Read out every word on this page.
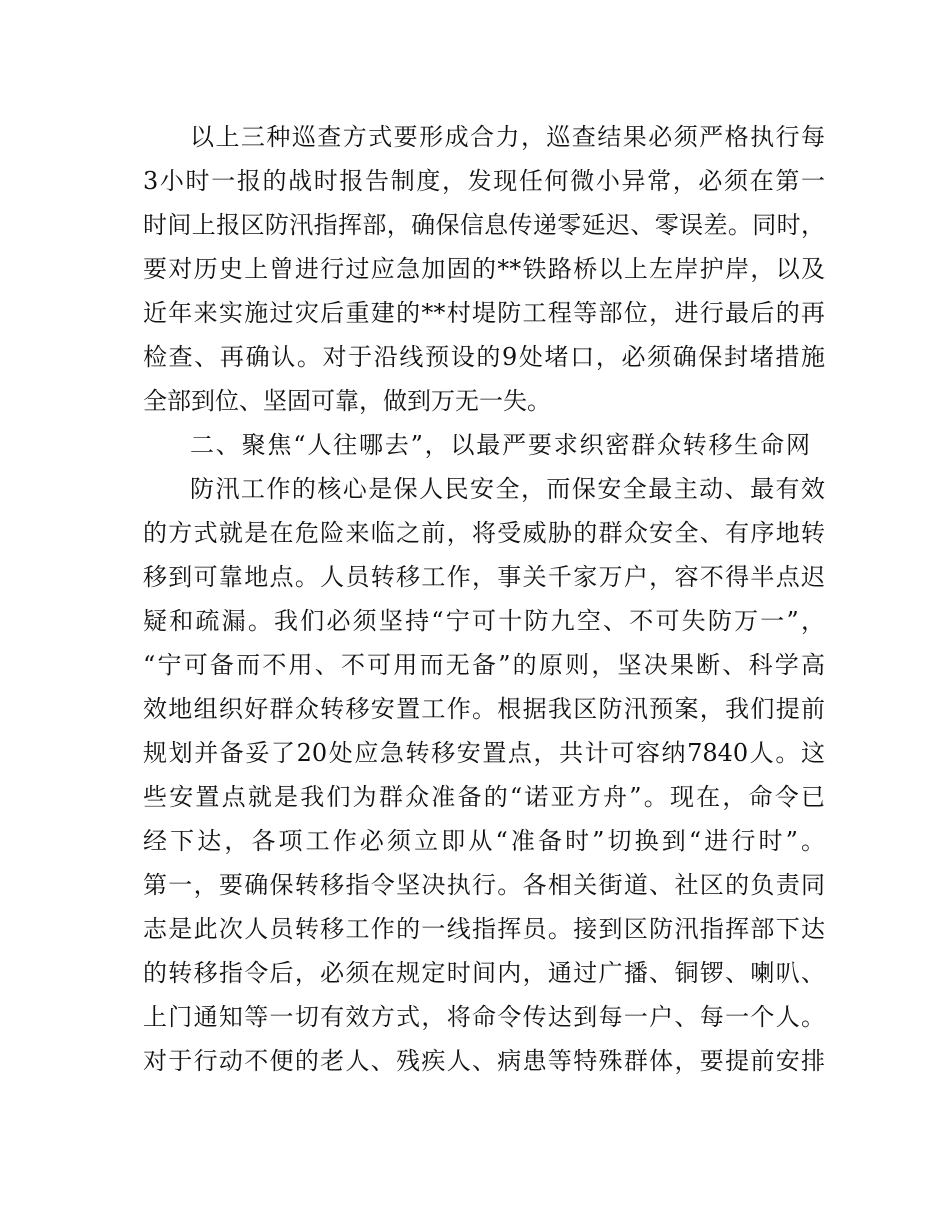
以上三种巡查方式要形成合力，巡查结果必须严格执行每
3小时一报的战时报告制度，发现任何微小异常，必须在第一
时间上报区防汛指挥部，确保信息传递零延迟、零误差。同时，
要对历史上曾进行过应急加固的**铁路桥以上左岸护岸，以及
近年来实施过灾后重建的**村堤防工程等部位，进行最后的再
检查、再确认。对于沿线预设的9处堵口，必须确保封堵措施
全部到位、坚固可靠，做到万无一失。
二、聚焦“人往哪去”，以最严要求织密群众转移生命网
防汛工作的核心是保人民安全，而保安全最主动、最有效
的方式就是在危险来临之前，将受威胁的群众安全、有序地转
移到可靠地点。人员转移工作，事关千家万户，容不得半点迟
疑和疏漏。我们必须坚持“宁可十防九空、不可失防万一”，
“宁可备而不用、不可用而无备”的原则，坚决果断、科学高
效地组织好群众转移安置工作。根据我区防汛预案，我们提前
规划并备妥了20处应急转移安置点，共计可容纳7840人。这
些安置点就是我们为群众准备的“诺亚方舟”。现在，命令已
经下达，各项工作必须立即从“准备时”切换到“进行时”。
第一，要确保转移指令坚决执行。各相关街道、社区的负责同
志是此次人员转移工作的一线指挥员。接到区防汛指挥部下达
的转移指令后，必须在规定时间内，通过广播、铜锣、喇叭、
上门通知等一切有效方式，将命令传达到每一户、每一个人。
对于行动不便的老人、残疾人、病患等特殊群体，要提前安排
